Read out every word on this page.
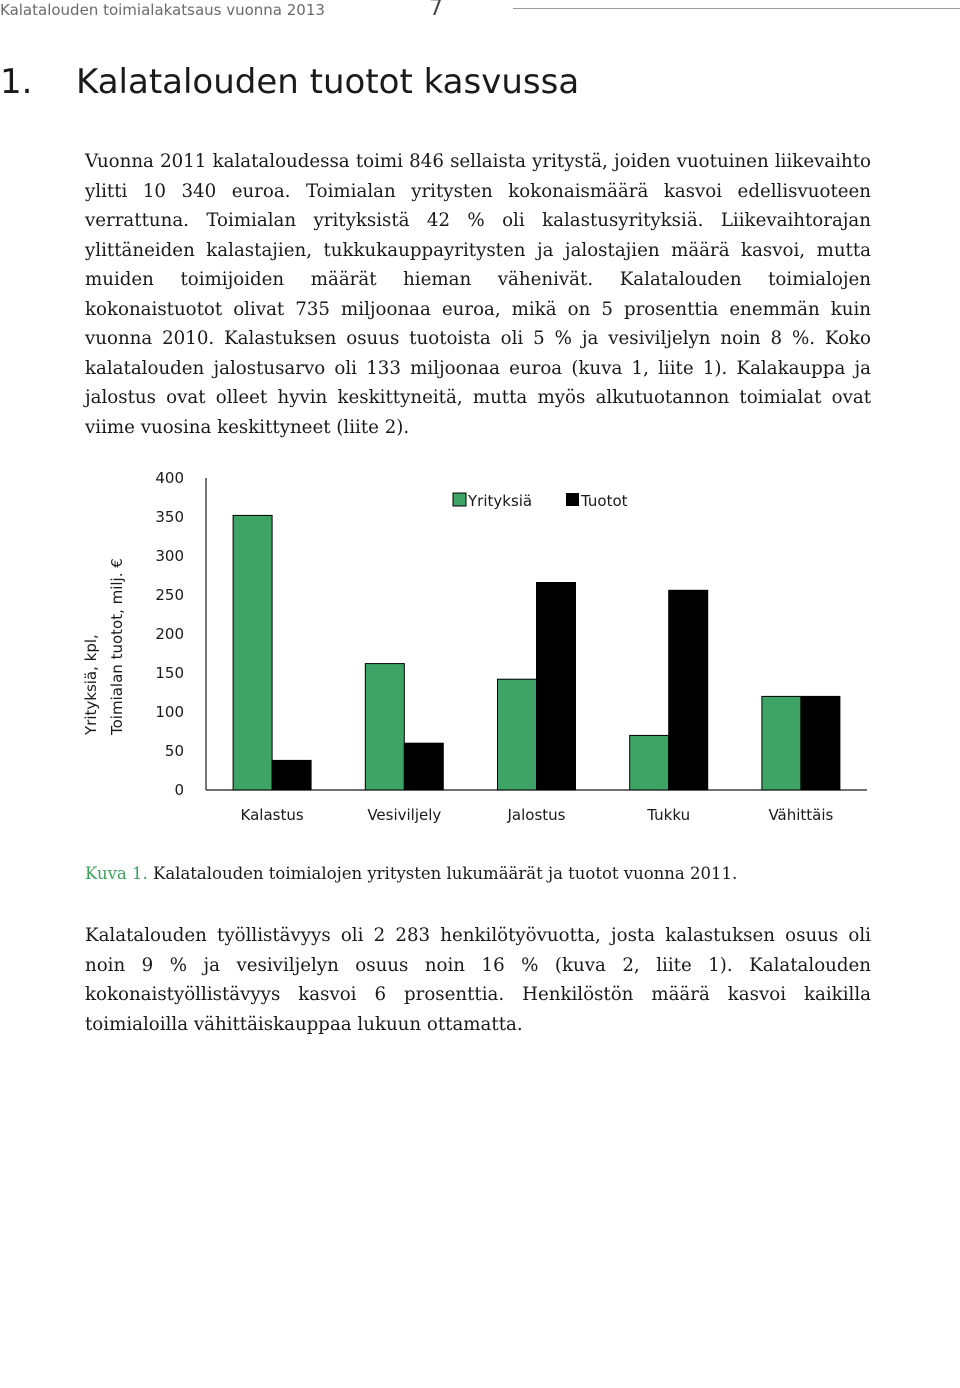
Kalatalouden toimialakatsaus vuonna 2013	7
1. Kalatalouden tuotot kasvussa

Vuonna 2011 kalataloudessa toimi 846 sellaista yritystä, joiden vuotuinen liikevaihto ylitti 10 340 euroa. Toimialan yritysten kokonaismäärä kasvoi edellisvuoteen verrattuna. Toimialan yrityksistä 42 % oli kalastusyrityksiä. Liikevaihtorajan ylittäneiden kalastajien, tukkukauppayritysten ja jalostajien määrä kasvoi, mutta muiden toimijoiden määrät hieman vähenivät. Kalatalouden toimialojen kokonaistuotot olivat 735 miljoonaa euroa, mikä on 5 prosenttia enemmän kuin vuonna 2010. Kalastuksen osuus tuotoista oli 5 % ja vesiviljelyn noin 8 %. Koko kalatalouden jalostusarvo oli 133 miljoonaa euroa (kuva 1, liite 1). Kalakauppa ja jalostus ovat olleet hyvin keskittyneitä, mutta myös alkutuotannon toimialat ovat viime vuosina keskittyneet (liite 2).

0
50
100
150
200
250
300
350
400
Kalastus	Vesiviljely	Jalostus	Tukku	Vähittäis
Yrityksiä, kpl, Toimialan tuotot, milj. €
Yrityksiä	Tuotot
Kuva 1. Kalatalouden toimialojen yritysten lukumäärät ja tuotot vuonna 2011.

Kalatalouden työllistävyys oli 2 283 henkilötyövuotta, josta kalastuksen osuus oli noin 9 % ja vesiviljelyn osuus noin 16 % (kuva 2, liite 1). Kalatalouden kokonaistyöllistävyys kasvoi 6 prosenttia. Henkilöstön määrä kasvoi kaikilla toimialoilla vähittäiskauppaa lukuun ottamatta.
